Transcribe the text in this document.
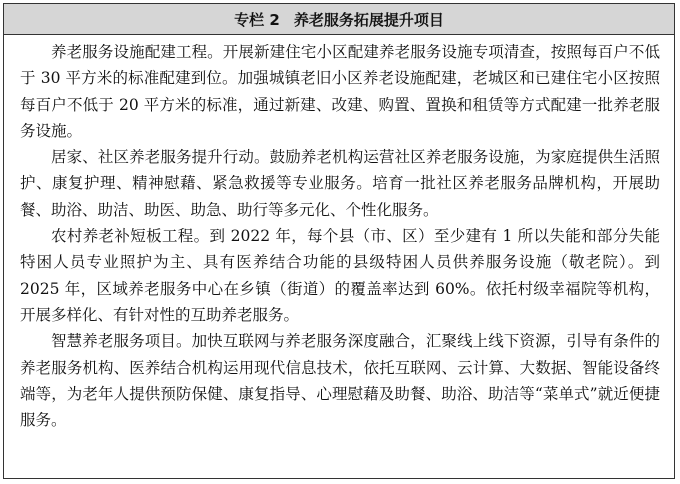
专栏 2 养老服务拓展提升项目

养老服务设施配建工程。开展新建住宅小区配建养老服务设施专项清查，按照每百户不低于 30 平方米的标准配建到位。加强城镇老旧小区养老设施配建，老城区和已建住宅小区按照每百户不低于 20 平方米的标准，通过新建、改建、购置、置换和租赁等方式配建一批养老服务设施。

居家、社区养老服务提升行动。鼓励养老机构运营社区养老服务设施，为家庭提供生活照护、康复护理、精神慰藉、紧急救援等专业服务。培育一批社区养老服务品牌机构，开展助餐、助浴、助洁、助医、助急、助行等多元化、个性化服务。

农村养老补短板工程。到 2022 年，每个县（市、区）至少建有 1 所以失能和部分失能特困人员专业照护为主、具有医养结合功能的县级特困人员供养服务设施（敬老院）。到 2025 年，区域养老服务中心在乡镇（街道）的覆盖率达到 60%。依托村级幸福院等机构，开展多样化、有针对性的互助养老服务。

智慧养老服务项目。加快互联网与养老服务深度融合，汇聚线上线下资源，引导有条件的养老服务机构、医养结合机构运用现代信息技术，依托互联网、云计算、大数据、智能设备终端等，为老年人提供预防保健、康复指导、心理慰藉及助餐、助浴、助洁等“菜单式”就近便捷服务。
